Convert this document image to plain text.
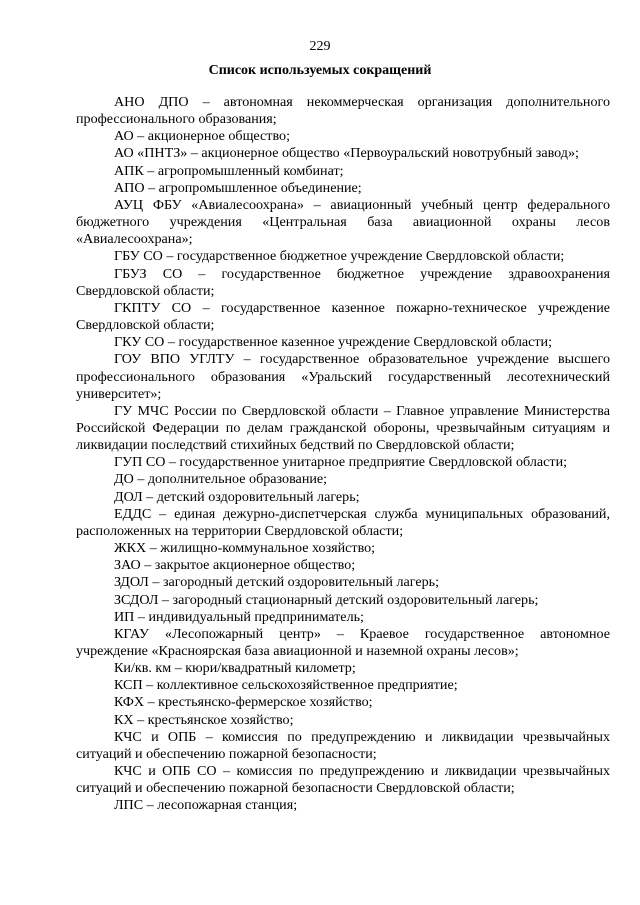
229
Список используемых сокращений

АНО ДПО – автономная некоммерческая организация дополнительного профессионального образования;

АО – акционерное общество;

АО «ПНТЗ» – акционерное общество «Первоуральский новотрубный завод»;

АПК – агропромышленный комбинат;

АПО – агропромышленное объединение;

АУЦ ФБУ «Авиалесоохрана» – авиационный учебный центр федерального бюджетного учреждения «Центральная база авиационной охраны лесов «Авиалесоохрана»;

ГБУ СО – государственное бюджетное учреждение Свердловской области;

ГБУЗ СО – государственное бюджетное учреждение здравоохранения Свердловской области;

ГКПТУ СО – государственное казенное пожарно-техническое учреждение Свердловской области;

ГКУ СО – государственное казенное учреждение Свердловской области;

ГОУ ВПО УГЛТУ – государственное образовательное учреждение высшего профессионального образования «Уральский государственный лесотехнический университет»;

ГУ МЧС России по Свердловской области – Главное управление Министерства Российской Федерации по делам гражданской обороны, чрезвычайным ситуациям и ликвидации последствий стихийных бедствий по Свердловской области;

ГУП СО – государственное унитарное предприятие Свердловской области;

ДО – дополнительное образование;

ДОЛ – детский оздоровительный лагерь;

ЕДДС – единая дежурно-диспетчерская служба муниципальных образований, расположенных на территории Свердловской области;

ЖКХ – жилищно-коммунальное хозяйство;

ЗАО – закрытое акционерное общество;

ЗДОЛ – загородный детский оздоровительный лагерь;

ЗСДОЛ – загородный стационарный детский оздоровительный лагерь;

ИП – индивидуальный предприниматель;

КГАУ «Лесопожарный центр» – Краевое государственное автономное учреждение «Красноярская база авиационной и наземной охраны лесов»;

Ки/кв. км – кюри/квадратный километр;

КСП – коллективное сельскохозяйственное предприятие;

КФХ – крестьянско-фермерское хозяйство;

КХ – крестьянское хозяйство;

КЧС и ОПБ – комиссия по предупреждению и ликвидации чрезвычайных ситуаций и обеспечению пожарной безопасности;

КЧС и ОПБ СО – комиссия по предупреждению и ликвидации чрезвычайных ситуаций и обеспечению пожарной безопасности Свердловской области;

ЛПС – лесопожарная станция;
